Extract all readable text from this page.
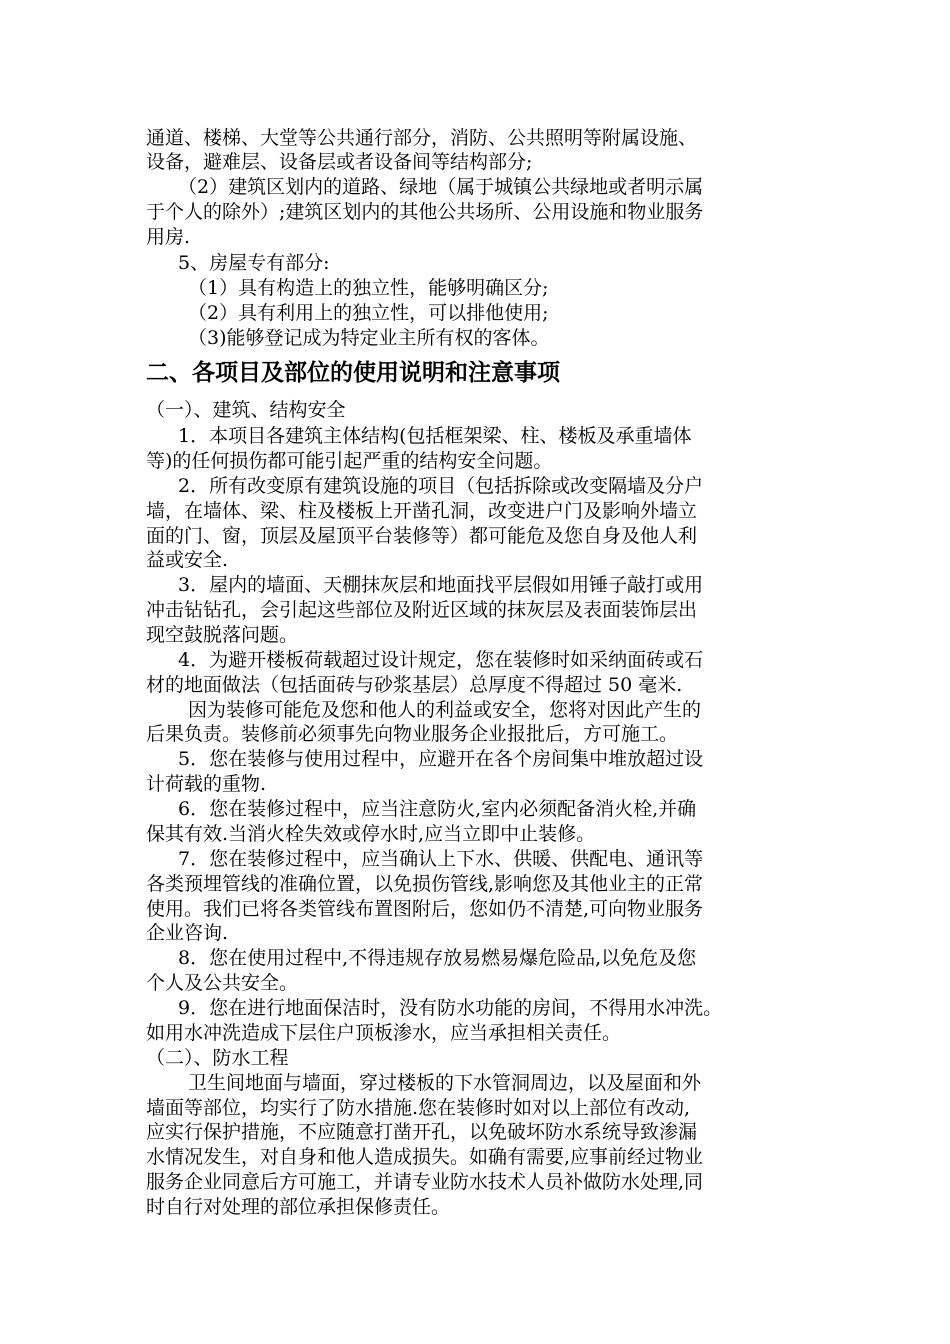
通道、楼梯、大堂等公共通行部分，消防、公共照明等附属设施、
设备，避难层、设备层或者设备间等结构部分;
（2）建筑区划内的道路、绿地（属于城镇公共绿地或者明示属
于个人的除外）;建筑区划内的其他公共场所、公用设施和物业服务
用房.
5、房屋专有部分:
（1）具有构造上的独立性，能够明确区分;
（2）具有利用上的独立性，可以排他使用;
（3)能够登记成为特定业主所有权的客体。
二、各项目及部位的使用说明和注意事项
（一）、建筑、结构安全
1．本项目各建筑主体结构(包括框架梁、柱、楼板及承重墙体
等)的任何损伤都可能引起严重的结构安全问题。
2．所有改变原有建筑设施的项目（包括拆除或改变隔墙及分户
墙，在墙体、梁、柱及楼板上开凿孔洞，改变进户门及影响外墙立
面的门、窗，顶层及屋顶平台装修等）都可能危及您自身及他人利
益或安全.
3．屋内的墙面、天棚抹灰层和地面找平层假如用锤子敲打或用
冲击钻钻孔，会引起这些部位及附近区域的抹灰层及表面装饰层出
现空鼓脱落问题。
4．为避开楼板荷载超过设计规定，您在装修时如采纳面砖或石
材的地面做法（包括面砖与砂浆基层）总厚度不得超过 50 毫米.
因为装修可能危及您和他人的利益或安全，您将对因此产生的
后果负责。装修前必须事先向物业服务企业报批后，方可施工。
5．您在装修与使用过程中，应避开在各个房间集中堆放超过设
计荷载的重物.
6．您在装修过程中，应当注意防火,室内必须配备消火栓,并确
保其有效.当消火栓失效或停水时,应当立即中止装修。
7．您在装修过程中，应当确认上下水、供暖、供配电、通讯等
各类预埋管线的准确位置，以免损伤管线,影响您及其他业主的正常
使用。我们已将各类管线布置图附后，您如仍不清楚,可向物业服务
企业咨询.
8．您在使用过程中,不得违规存放易燃易爆危险品,以免危及您
个人及公共安全。
9．您在进行地面保洁时，没有防水功能的房间，不得用水冲洗。
如用水冲洗造成下层住户顶板渗水，应当承担相关责任。
（二）、防水工程
卫生间地面与墙面，穿过楼板的下水管洞周边，以及屋面和外
墙面等部位，均实行了防水措施.您在装修时如对以上部位有改动,
应实行保护措施，不应随意打凿开孔，以免破坏防水系统导致渗漏
水情况发生，对自身和他人造成损失。如确有需要,应事前经过物业
服务企业同意后方可施工，并请专业防水技术人员补做防水处理,同
时自行对处理的部位承担保修责任。
